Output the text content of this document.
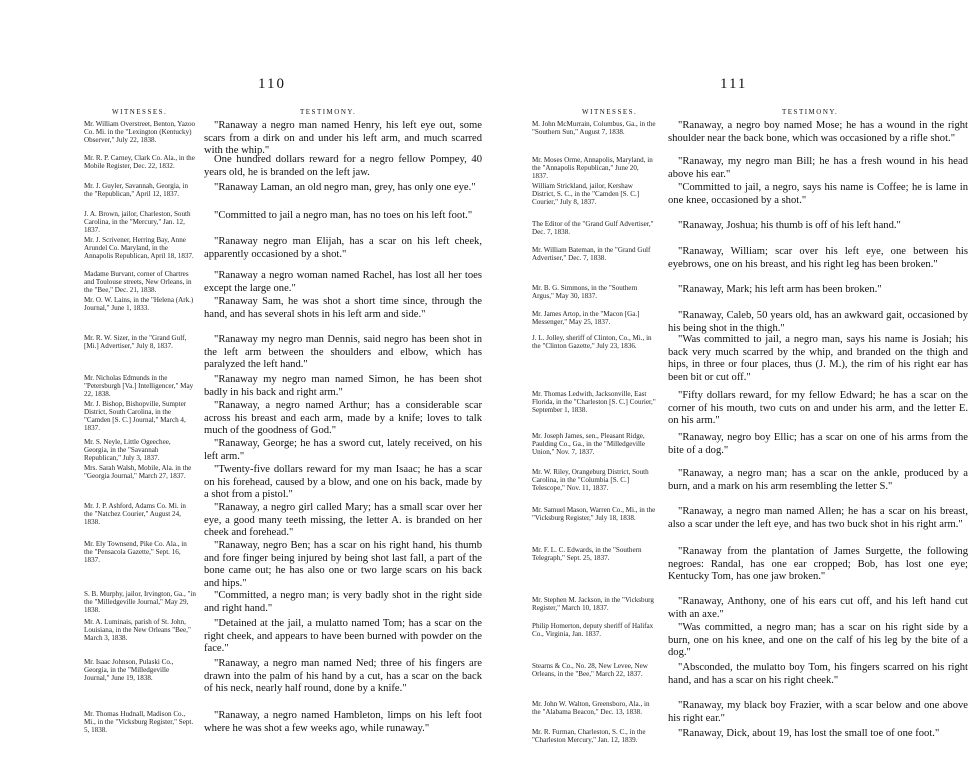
110
WITNESSES.	TESTIMONY.
Mr. William Overstreet, Benton, Yazoo Co. Mi. in the "Lexington (Kentucky) Observer," July 22, 1838.

"Ranaway a negro man named Henry, his left eye out, some scars from a dirk on and under his left arm, and much scarred with the whip."

Mr. R. P. Carney, Clark Co. Ala., in the Mobile Register, Dec. 22, 1832.

One hundred dollars reward for a negro fellow Pompey, 40 years old, he is branded on the left jaw.

Mr. J. Guyler, Savannah, Georgia, in the "Republican," April 12, 1837.

"Ranaway Laman, an old negro man, grey, has only one eye."

J. A. Brown, jailor, Charleston, South Carolina, in the "Mercury," Jan. 12, 1837.

"Committed to jail a negro man, has no toes on his left foot."

Mr. J. Scrivener, Herring Bay, Anne Arundel Co. Maryland, in the Annapolis Republican, April 18, 1837.

"Ranaway negro man Elijah, has a scar on his left cheek, apparently occasioned by a shot."

Madame Burvant, corner of Chartres and Toulouse streets, New Orleans, in the "Bee," Dec. 21, 1838.

"Ranaway a negro woman named Rachel, has lost all her toes except the large one."

Mr. O. W. Lains, in the "Helena (Ark.) Journal," June 1, 1833.

"Ranaway Sam, he was shot a short time since, through the hand, and has several shots in his left arm and side."

Mr. R. W. Sizer, in the "Grand Gulf, [Mi.] Advertiser," July 8, 1837.

"Ranaway my negro man Dennis, said negro has been shot in the left arm between the shoulders and elbow, which has paralyzed the left hand."

Mr. Nicholas Edmunds in the "Petersburgh [Va.] Intelligencer," May 22, 1838.

"Ranaway my negro man named Simon, he has been shot badly in his back and right arm."

Mr. J. Bishop, Bishopville, Sumpter District, South Carolina, in the "Camden [S. C.] Journal," March 4, 1837.

"Ranaway, a negro named Arthur; has a considerable scar across his breast and each arm, made by a knife; loves to talk much of the goodness of God."

Mr. S. Neyle, Little Ogeechee, Georgia, in the "Savannah Republican," July 3, 1837.

"Ranaway, George; he has a sword cut, lately received, on his left arm."

Mrs. Sarah Walsh, Mobile, Ala. in the "Georgia Journal," March 27, 1837.

"Twenty-five dollars reward for my man Isaac; he has a scar on his forehead, caused by a blow, and one on his back, made by a shot from a pistol."

Mr. J. P. Ashford, Adams Co. Mi. in the "Natchez Courier," August 24, 1838.

"Ranaway, a negro girl called Mary; has a small scar over her eye, a good many teeth missing, the letter A. is branded on her cheek and forehead."

Mr. Ely Townsend, Pike Co. Ala., in the "Pensacola Gazette," Sept. 16, 1837.

"Ranaway, negro Ben; has a scar on his right hand, his thumb and fore finger being injured by being shot last fall, a part of the bone came out; he has also one or two large scars on his back and hips."

S. B. Murphy, jailor, Irvington, Ga., "in the "Milledgeville Journal," May 29, 1838.

"Committed, a negro man; is very badly shot in the right side and right hand."

Mr. A. Luminais, parish of St. John, Louisiana, in the New Orleans "Bee," March 3, 1838.

"Detained at the jail, a mulatto named Tom; has a scar on the right cheek, and appears to have been burned with powder on the face."

Mr. Isaac Johnson, Pulaski Co., Georgia, in the "Milledgeville Journal," June 19, 1838.

"Ranaway, a negro man named Ned; three of his fingers are drawn into the palm of his hand by a cut, has a scar on the back of his neck, nearly half round, done by a knife."

Mr. Thomas Hudnall, Madison Co., Mi., in the "Vicksburg Register," Sept. 5, 1838.

"Ranaway, a negro named Hambleton, limps on his left foot where he was shot a few weeks ago, while runaway."

111
WITNESSES.	TESTIMONY.
M. John McMurrain, Columbus, Ga., in the "Southern Sun," August 7, 1838.

"Ranaway, a negro boy named Mose; he has a wound in the right shoulder near the back bone, which was occasioned by a rifle shot."

Mr. Moses Orme, Annapolis, Maryland, in the "Annapolis Republican," June 20, 1837.

"Ranaway, my negro man Bill; he has a fresh wound in his head above his ear."

William Strickland, jailor, Kershaw District, S. C., in the "Camden [S. C.] Courier," July 8, 1837.

"Committed to jail, a negro, says his name is Coffee; he is lame in one knee, occasioned by a shot."

The Editor of the "Grand Gulf Advertiser," Dec. 7, 1838.

"Ranaway, Joshua; his thumb is off of his left hand."

Mr. William Bateman, in the "Grand Gulf Advertiser," Dec. 7, 1838.

"Ranaway, William; scar over his left eye, one between his eyebrows, one on his breast, and his right leg has been broken."

Mr. B. G. Simmons, in the "Southern Argus," May 30, 1837.

"Ranaway, Mark; his left arm has been broken."

Mr. James Artop, in the "Macon [Ga.] Messenger," May 25, 1837.

"Ranaway, Caleb, 50 years old, has an awkward gait, occasioned by his being shot in the thigh."

J. L. Jolley, sheriff of Clinton, Co., Mi., in the "Clinton Gazette," July 23, 1836.

"Was committed to jail, a negro man, says his name is Josiah; his back very much scarred by the whip, and branded on the thigh and hips, in three or four places, thus (J. M.), the rim of his right ear has been bit or cut off."

Mr. Thomas Ledwith, Jacksonville, East Florida, in the "Charleston [S. C.] Courier," September 1, 1838.

"Fifty dollars reward, for my fellow Edward; he has a scar on the corner of his mouth, two cuts on and under his arm, and the letter E. on his arm."

Mr. Joseph James, sen., Pleasant Ridge, Paulding Co., Ga., in the "Milledgeville Union," Nov. 7, 1837.

"Ranaway, negro boy Ellic; has a scar on one of his arms from the bite of a dog."

Mr. W. Riley, Orangeburg District, South Carolina, in the "Columbia [S. C.] Telescope," Nov. 11, 1837.

"Ranaway, a negro man; has a scar on the ankle, produced by a burn, and a mark on his arm resembling the letter S."

Mr. Samuel Mason, Warren Co., Mi., in the "Vicksburg Register," July 18, 1838.

"Ranaway, a negro man named Allen; he has a scar on his breast, also a scar under the left eye, and has two buck shot in his right arm."

Mr. F. L. C. Edwards, in the "Southern Telegraph," Sept. 25, 1837.

"Ranaway from the plantation of James Surgette, the following negroes: Randal, has one ear cropped; Bob, has lost one eye; Kentucky Tom, has one jaw broken."

Mr. Stephen M. Jackson, in the "Vicksburg Register," March 10, 1837.

"Ranaway, Anthony, one of his ears cut off, and his left hand cut with an axe."

Philip Homerton, deputy sheriff of Halifax Co., Virginia, Jan. 1837.

"Was committed, a negro man; has a scar on his right side by a burn, one on his knee, and one on the calf of his leg by the bite of a dog."

Stearns & Co., No. 28, New Levee, New Orleans, in the "Bee," March 22, 1837.

"Absconded, the mulatto boy Tom, his fingers scarred on his right hand, and has a scar on his right cheek."

Mr. John W. Walton, Greensboro, Ala., in the "Alabama Beacon," Dec. 13, 1838.

"Ranaway, my black boy Frazier, with a scar below and one above his right ear."

Mr. R. Furman, Charleston, S. C., in the "Charleston Mercury," Jan. 12, 1839.

"Ranaway, Dick, about 19, has lost the small toe of one foot."
